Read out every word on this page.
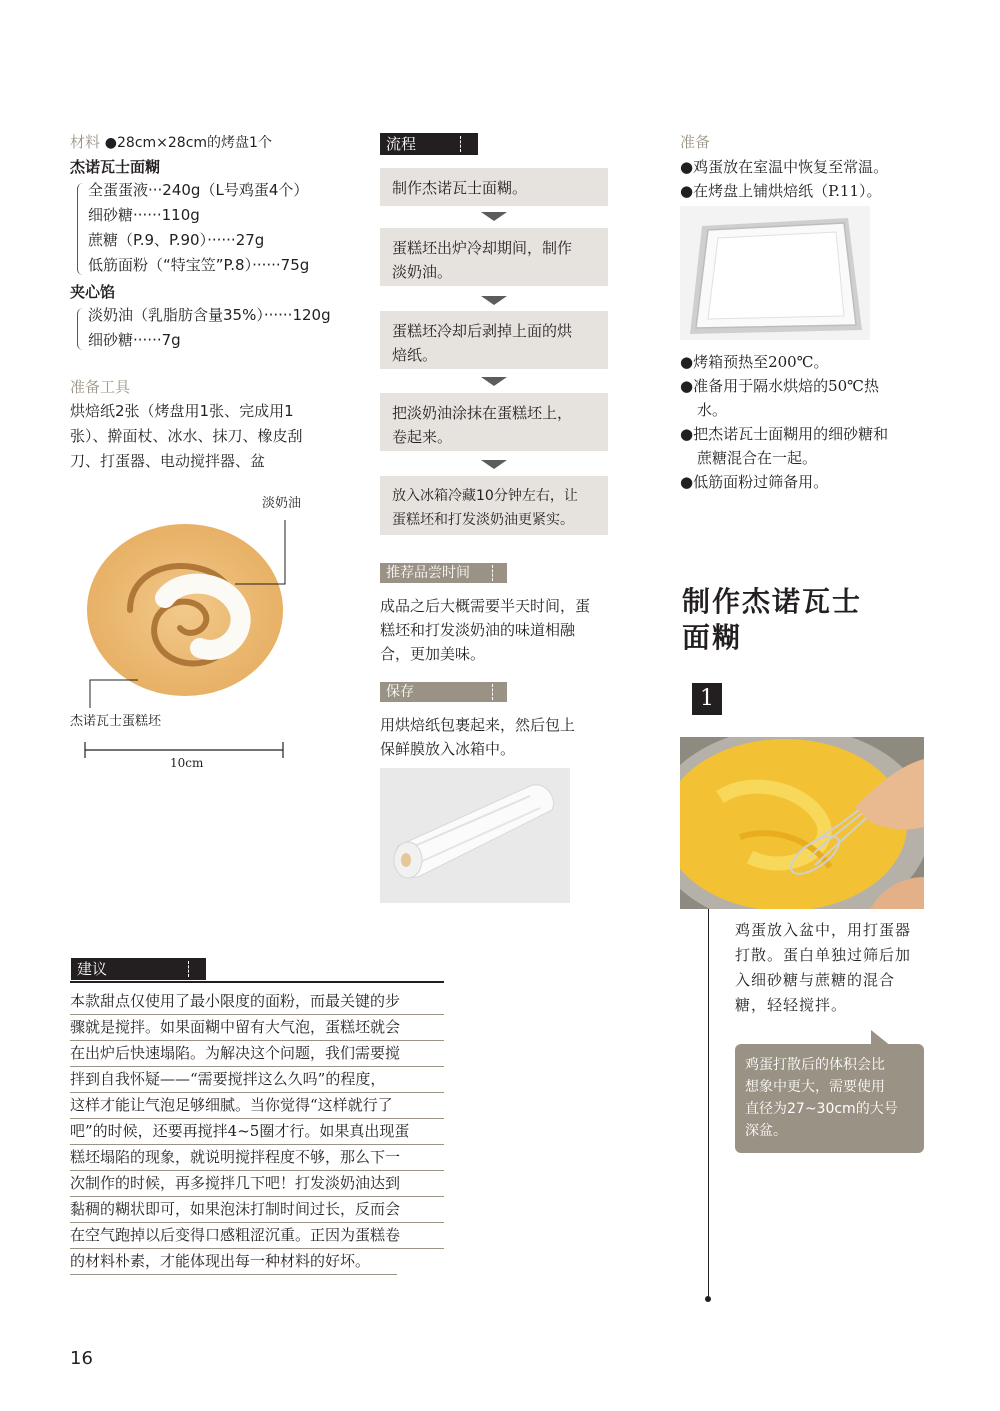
材料 ●28cm×28cm的烤盘1个
杰诺瓦士面糊
全蛋蛋液···240g（L号鸡蛋4个）
细砂糖······110g
蔗糖（P.9、P.90）······27g
低筋面粉（“特宝笠”P.8）······75g
夹心馅
淡奶油（乳脂肪含量35%）······120g
细砂糖······7g
准备工具
烘焙纸2张（烤盘用1张、完成用1
张）、擀面杖、冰水、抹刀、橡皮刮
刀、打蛋器、电动搅拌器、盆
淡奶油
杰诺瓦士蛋糕坯
10cm
流程
制作杰诺瓦士面糊。
蛋糕坯出炉冷却期间，制作
淡奶油。
蛋糕坯冷却后剥掉上面的烘
焙纸。
把淡奶油涂抹在蛋糕坯上，
卷起来。
放入冰箱冷藏10分钟左右，让
蛋糕坯和打发淡奶油更紧实。
推荐品尝时间
成品之后大概需要半天时间，蛋
糕坯和打发淡奶油的味道相融
合，更加美味。
保存
用烘焙纸包裹起来，然后包上
保鲜膜放入冰箱中。
准备
●鸡蛋放在室温中恢复至常温。
●在烤盘上铺烘焙纸（P.11）。
●烤箱预热至200℃。
●准备用于隔水烘焙的50℃热
水。
●把杰诺瓦士面糊用的细砂糖和
蔗糖混合在一起。
●低筋面粉过筛备用。
制作杰诺瓦士
面糊
1
鸡蛋放入盆中，用打蛋器
打散。蛋白单独过筛后加
入细砂糖与蔗糖的混合
糖，轻轻搅拌。
鸡蛋打散后的体积会比
想象中更大，需要使用
直径为27~30cm的大号
深盆。
建议
本款甜点仅使用了最小限度的面粉，而最关键的步
骤就是搅拌。如果面糊中留有大气泡，蛋糕坯就会
在出炉后快速塌陷。为解决这个问题，我们需要搅
拌到自我怀疑——“需要搅拌这么久吗”的程度，
这样才能让气泡足够细腻。当你觉得“这样就行了
吧”的时候，还要再搅拌4~5圈才行。如果真出现蛋
糕坯塌陷的现象，就说明搅拌程度不够，那么下一
次制作的时候，再多搅拌几下吧！打发淡奶油达到
黏稠的糊状即可，如果泡沫打制时间过长，反而会
在空气跑掉以后变得口感粗涩沉重。正因为蛋糕卷
的材料朴素，才能体现出每一种材料的好坏。
16
